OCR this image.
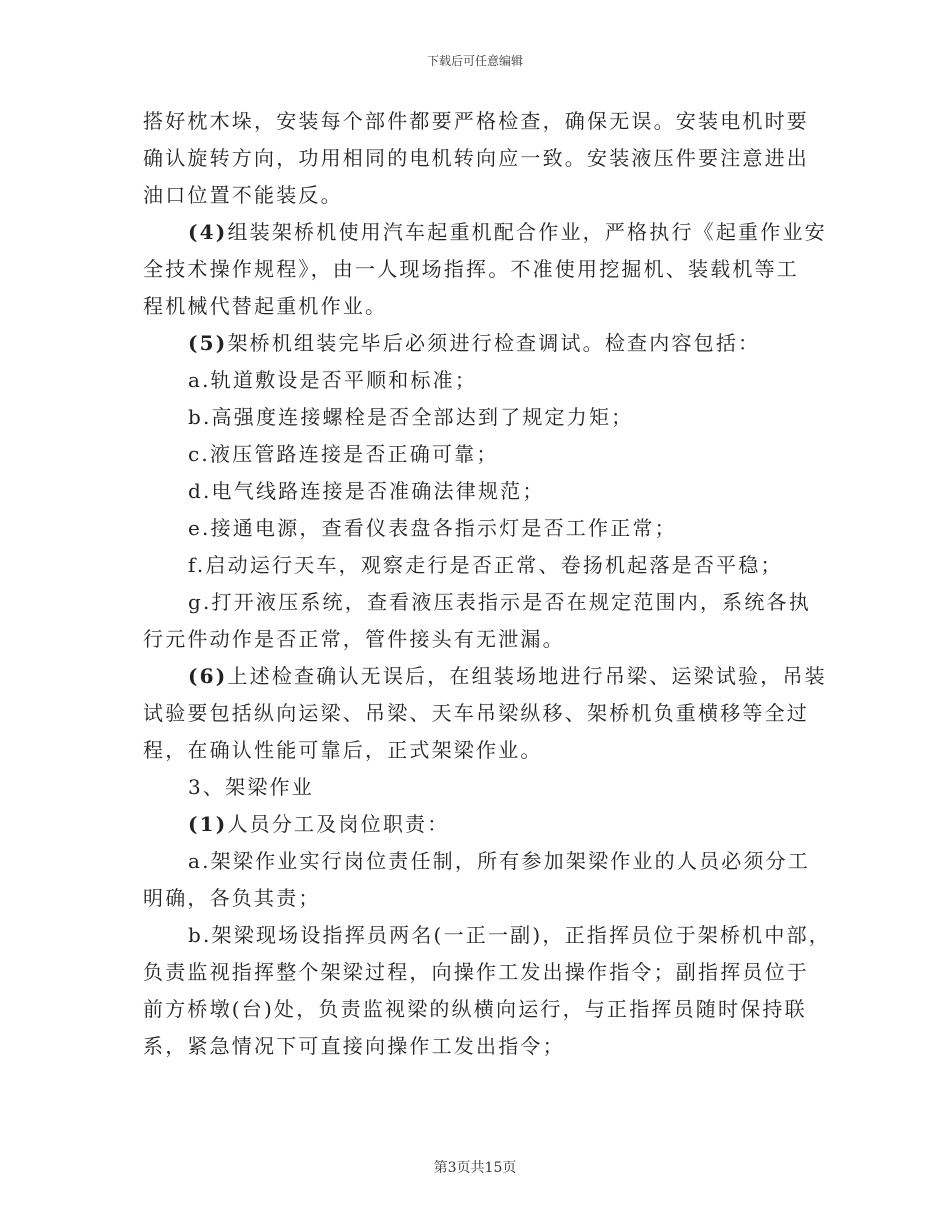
下载后可任意编辑
搭好枕木垛，安装每个部件都要严格检查，确保无误。安装电机时要
确认旋转方向，功用相同的电机转向应一致。安装液压件要注意进出
油口位置不能装反。
(4)组装架桥机使用汽车起重机配合作业，严格执行《起重作业安
全技术操作规程》，由一人现场指挥。不准使用挖掘机、装载机等工
程机械代替起重机作业。
(5)架桥机组装完毕后必须进行检查调试。检查内容包括：
a.轨道敷设是否平顺和标准；
b.高强度连接螺栓是否全部达到了规定力矩；
c.液压管路连接是否正确可靠；
d.电气线路连接是否准确法律规范；
e.接通电源，查看仪表盘各指示灯是否工作正常；
f.启动运行天车，观察走行是否正常、卷扬机起落是否平稳；
g.打开液压系统，查看液压表指示是否在规定范围内，系统各执
行元件动作是否正常，管件接头有无泄漏。
(6)上述检查确认无误后，在组装场地进行吊梁、运梁试验，吊装
试验要包括纵向运梁、吊梁、天车吊梁纵移、架桥机负重横移等全过
程，在确认性能可靠后，正式架梁作业。
3、架梁作业
(1)人员分工及岗位职责：
a.架梁作业实行岗位责任制，所有参加架梁作业的人员必须分工
明确，各负其责；
b.架梁现场设指挥员两名(一正一副)，正指挥员位于架桥机中部，
负责监视指挥整个架梁过程，向操作工发出操作指令；副指挥员位于
前方桥墩(台)处，负责监视梁的纵横向运行，与正指挥员随时保持联
系，紧急情况下可直接向操作工发出指令；
第3页共15页
